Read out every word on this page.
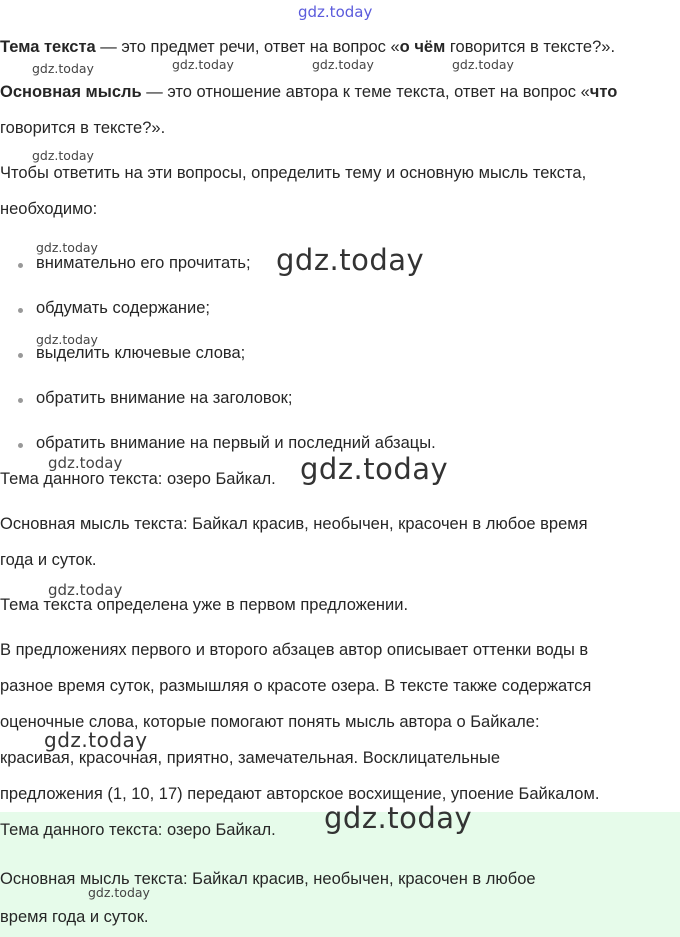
gdz.today

Тема текста — это предмет речи, ответ на вопрос «о чём говорится в тексте?».

Основная мысль — это отношение автора к теме текста, ответ на вопрос «что

говорится в тексте?».

Чтобы ответить на эти вопросы, определить тему и основную мысль текста,

необходимо:

внимательно его прочитать;
обдумать содержание;
выделить ключевые слова;
обратить внимание на заголовок;
обратить внимание на первый и последний абзацы.

Тема данного текста: озеро Байкал.

Основная мысль текста: Байкал красив, необычен, красочен в любое время

года и суток.

Тема текста определена уже в первом предложении.

В предложениях первого и второго абзацев автор описывает оттенки воды в

разное время суток, размышляя о красоте озера. В тексте также содержатся

оценочные слова, которые помогают понять мысль автора о Байкале:

красивая, красочная, приятно, замечательная. Восклицательные

предложения (1, 10, 17) передают авторское восхищение, упоение Байкалом.

Тема данного текста: озеро Байкал.

Основная мысль текста: Байкал красив, необычен, красочен в любое

время года и суток.

gdz.today	gdz.today	gdz.today	gdz.today
gdz.today
gdz.today
gdz.today
gdz.today
gdz.today
gdz.today
gdz.today
gdz.today
gdz.today
gdz.today
